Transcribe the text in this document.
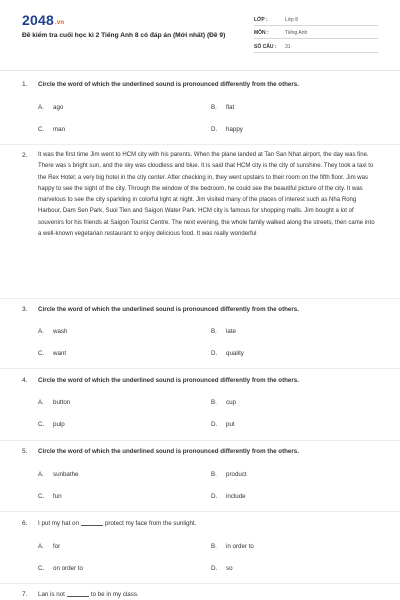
2048.vn
Đề kiểm tra cuối học kì 2 Tiếng Anh 8 có đáp án (Mới nhất) (Đề 9)
LỚP :	Lớp 8
MÔN :	Tiếng Anh
SỐ CÂU : 31
1. Circle the word of which the underlined sound is pronounced differently from the others.
A. ago	B. flat
C. man	D. happy
2. It was the first time Jim went to HCM city with his parents. When the plane landed at Tan San Nhat airport, the day was fine. There was s bright sun, and the sky was cloudless and blue. It is said that HCM city is the city of sunshine. They took a taxi to the Rex Hotel; a very big hotel in the city center. After checking in, they went upstairs to their room on the fifth floor. Jim was happy to see the sight of the city. Through the window of the bedroom, he could see the beautiful picture of the city. It was marvelous to see the city sparkling in colorful light at night. Jim visited many of the places of interest such as Nha Rong Harbour, Dam Sen Park, Suoi Tien and Saigon Water Park. HCM city is famous for shopping malls. Jim bought a lot of souvenirs for his friends at Saigon Tourist Centre. The next evening, the whole family walked along the streets, then came into a well-known vegetarian restaurant to enjoy delicious food. It was really wonderful
3. Circle the word of which the underlined sound is pronounced differently from the others.
A. wash	B. late
C. want	D. quality
4. Circle the word of which the underlined sound is pronounced differently from the others.
A. button	B. cup
C. pulp	D. put
5. Circle the word of which the underlined sound is pronounced differently from the others.
A. sunbathe	B. product
C. fun	D. include
6. I put my hat on	protect my face from the sunlight.
A. for	B. in order to
C. on order to	D. so
7. Lan is not	to be in my class.
